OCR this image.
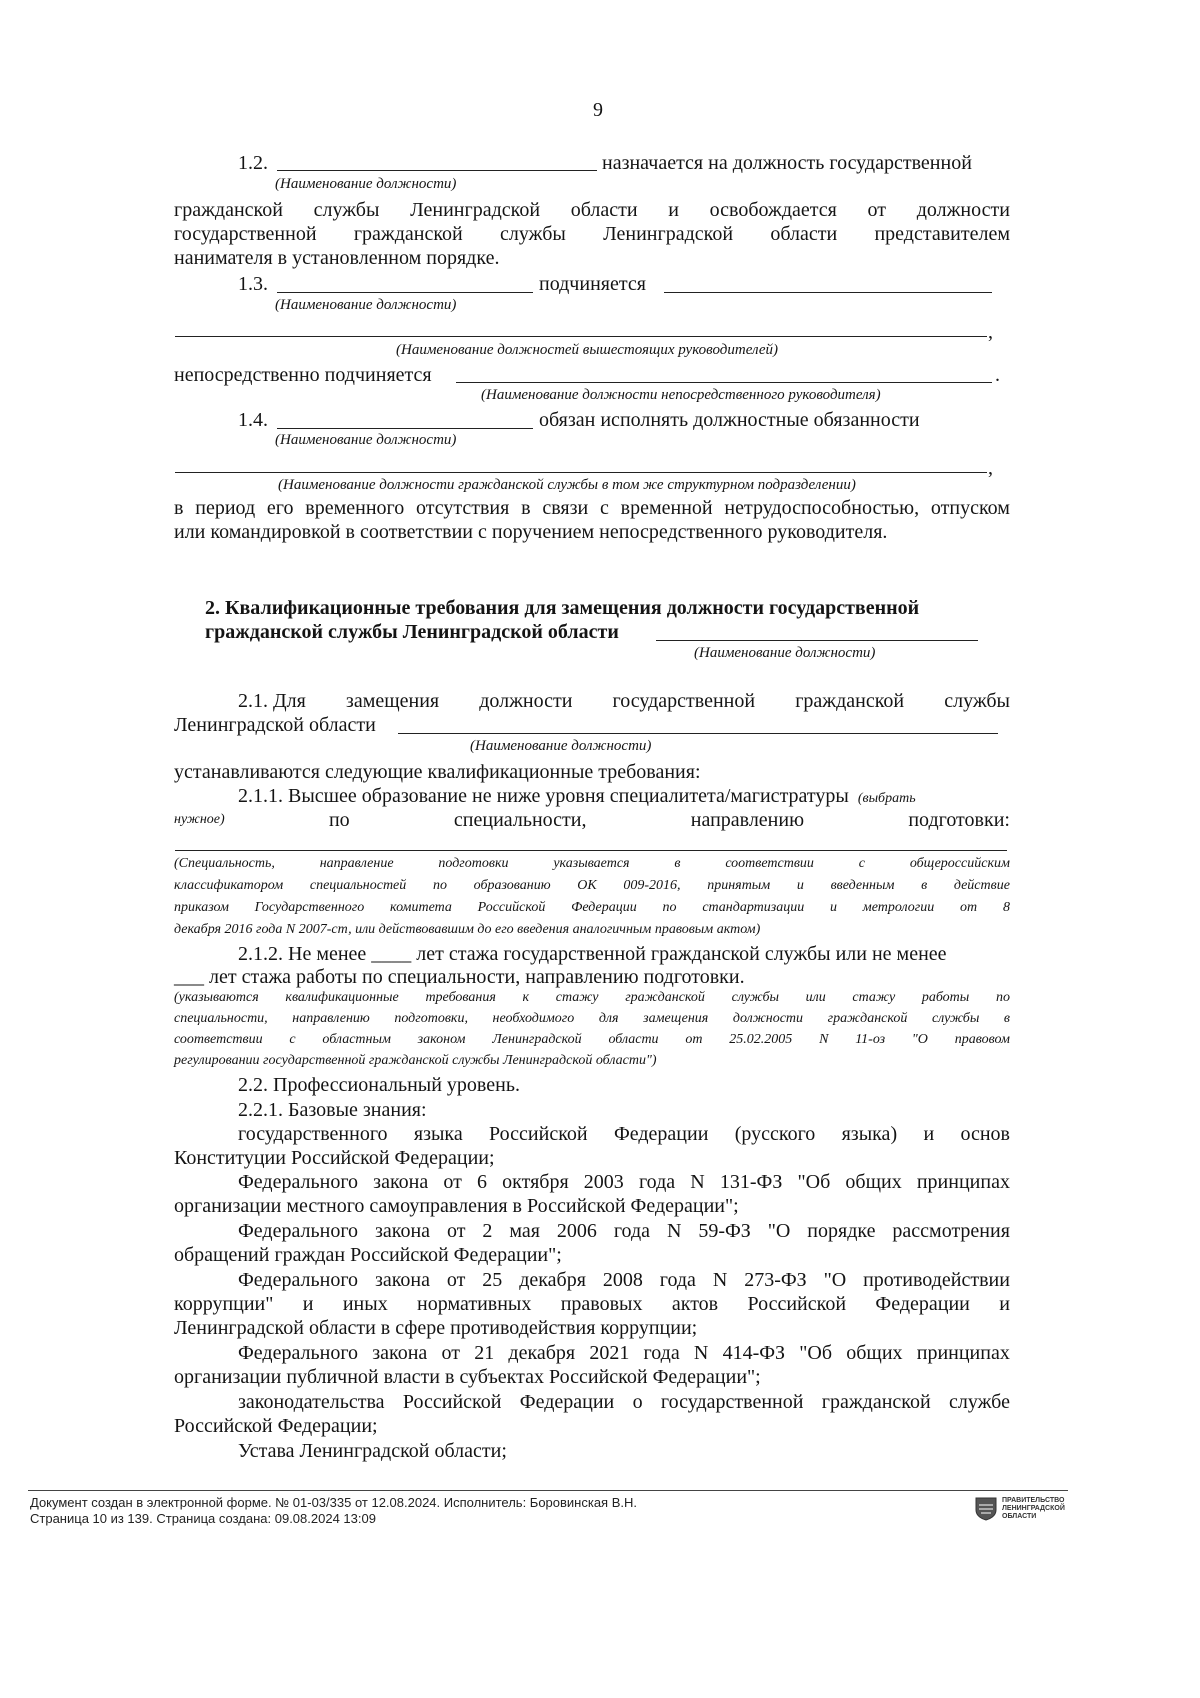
9
1.2.	назначается на должность государственной
(Наименование должности)
гражданской службы Ленинградской области и освобождается от должности
государственной гражданской службы Ленинградской области представителем
нанимателя в установленном порядке.
1.3.	подчиняется
(Наименование должности)
,
(Наименование должностей вышестоящих руководителей)
непосредственно подчиняется	.
(Наименование должности непосредственного руководителя)
1.4.	обязан исполнять должностные обязанности
(Наименование должности)
,
(Наименование должности гражданской службы в том же структурном подразделении)
в период его временного отсутствия в связи с временной нетрудоспособностью, отпуском
или командировкой в соответствии с поручением непосредственного руководителя.
2. Квалификационные требования для замещения должности государственной
гражданской службы Ленинградской области
(Наименование должности)
2.1. Для замещения должности государственной гражданской службы
Ленинградской области
(Наименование должности)
устанавливаются следующие квалификационные требования:
2.1.1. Высшее образование не ниже уровня специалитета/магистратуры (выбрать
нужное)	по	специальности,	направлению	подготовки:
(Специальность,	направление	подготовки	указывается	в	соответствии	с	общероссийским
классификатором специальностей по образованию ОК 009-2016, принятым и введенным в действие
приказом Государственного комитета Российской Федерации по стандартизации и метрологии от 8
декабря 2016 года N 2007-ст, или действовавшим до его введения аналогичным правовым актом)
2.1.2. Не менее ____ лет стажа государственной гражданской службы или не менее
___ лет стажа работы по специальности, направлению подготовки.
(указываются квалификационные требования к стажу гражданской службы или стажу работы по
специальности, направлению подготовки, необходимого для замещения должности гражданской службы в
соответствии с областным законом Ленинградской области от 25.02.2005 N 11-оз "О правовом
регулировании государственной гражданской службы Ленинградской области")
2.2. Профессиональный уровень.
2.2.1. Базовые знания:
государственного языка Российской Федерации (русского языка) и основ
Конституции Российской Федерации;
Федерального закона от 6 октября 2003 года N 131-ФЗ "Об общих принципах
организации местного самоуправления в Российской Федерации";
Федерального закона от 2 мая 2006 года N 59-ФЗ "О порядке рассмотрения
обращений граждан Российской Федерации";
Федерального закона от 25 декабря 2008 года N 273-ФЗ "О противодействии
коррупции" и иных нормативных правовых актов Российской Федерации и
Ленинградской области в сфере противодействия коррупции;
Федерального закона от 21 декабря 2021 года N 414-ФЗ "Об общих принципах
организации публичной власти в субъектах Российской Федерации";
законодательства Российской Федерации о государственной гражданской службе
Российской Федерации;
Устава Ленинградской области;
Документ создан в электронной форме. № 01-03/335 от 12.08.2024. Исполнитель: Боровинская В.Н.
Страница 10 из 139. Страница создана: 09.08.2024 13:09
ПРАВИТЕЛЬСТВО
ЛЕНИНГРАДСКОЙ
ОБЛАСТИ
